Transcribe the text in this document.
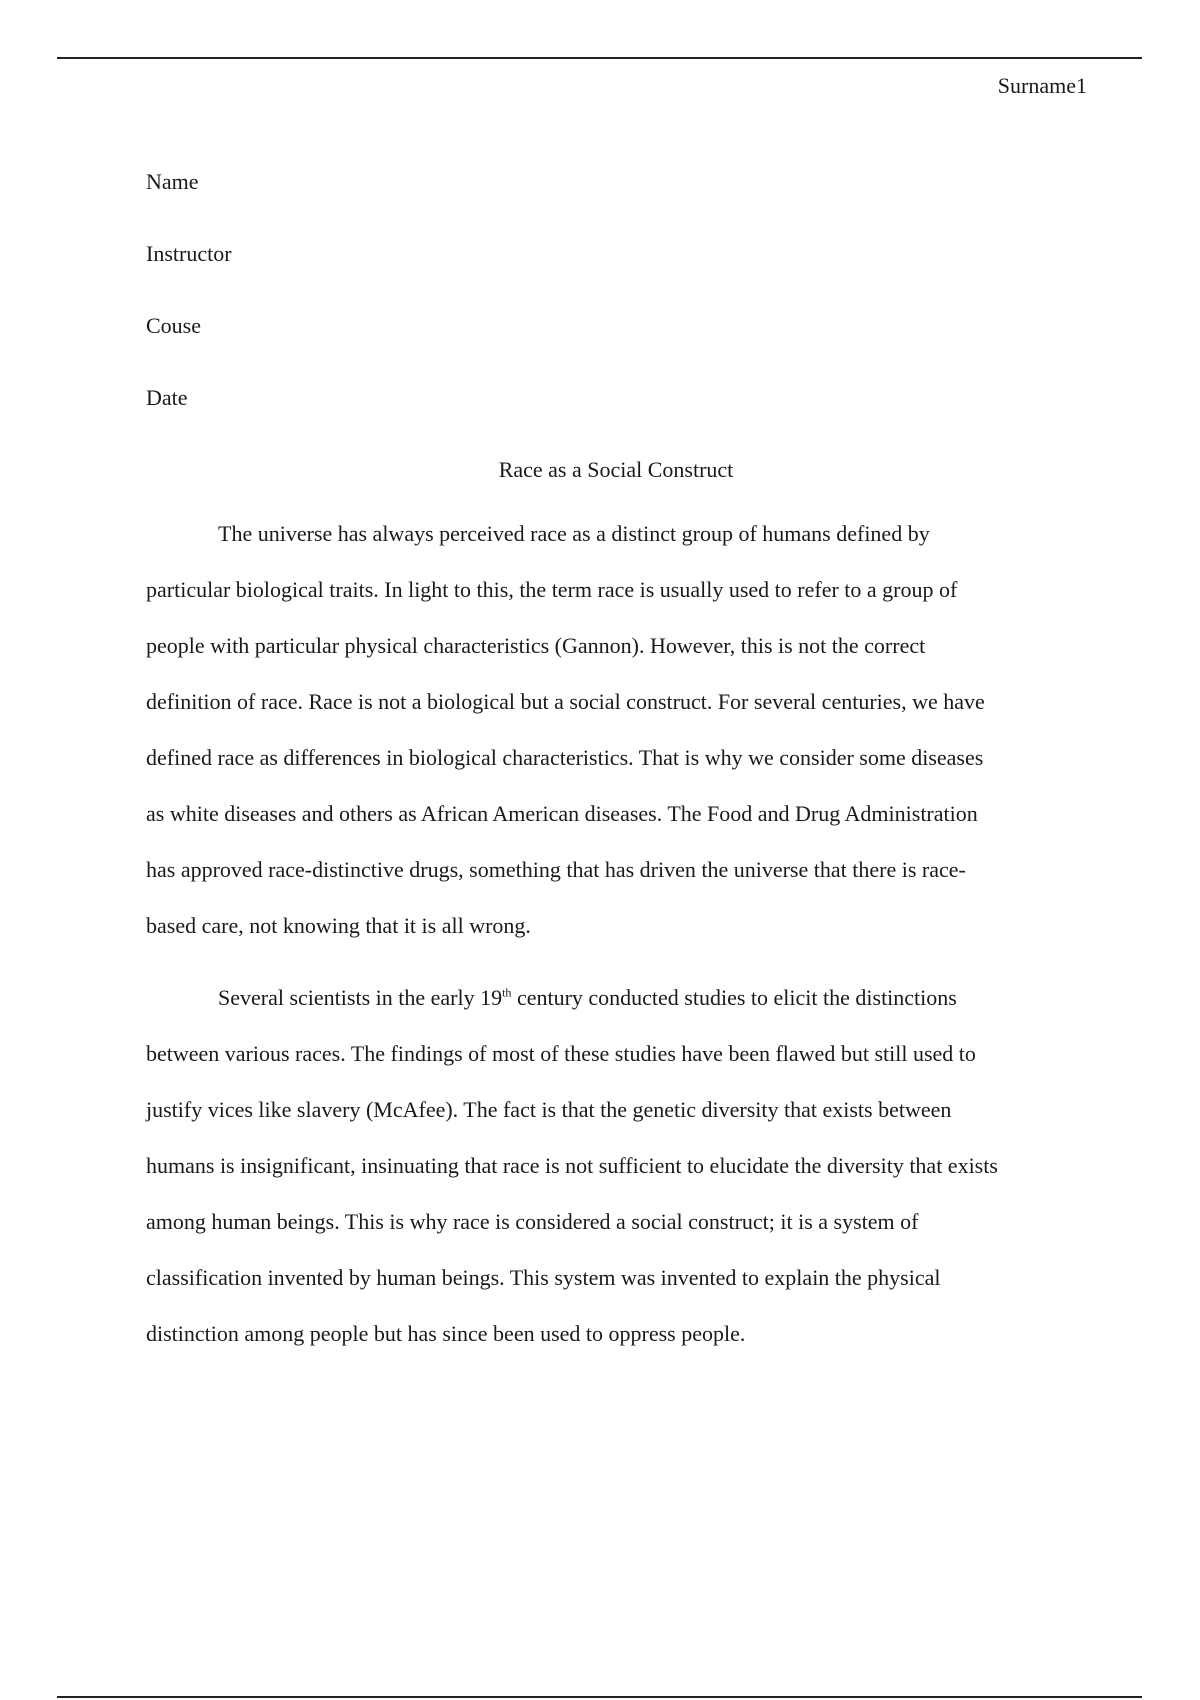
Surname1
Name
Instructor
Couse
Date
Race as a Social Construct

The universe has always perceived race as a distinct group of humans defined by
particular biological traits. In light to this, the term race is usually used to refer to a group of
people with particular physical characteristics (Gannon). However, this is not the correct
definition of race. Race is not a biological but a social construct. For several centuries, we have
defined race as differences in biological characteristics. That is why we consider some diseases
as white diseases and others as African American diseases. The Food and Drug Administration
has approved race-distinctive drugs, something that has driven the universe that there is race-
based care, not knowing that it is all wrong.

Several scientists in the early 19th century conducted studies to elicit the distinctions
between various races. The findings of most of these studies have been flawed but still used to
justify vices like slavery (McAfee). The fact is that the genetic diversity that exists between
humans is insignificant, insinuating that race is not sufficient to elucidate the diversity that exists
among human beings. This is why race is considered a social construct; it is a system of
classification invented by human beings. This system was invented to explain the physical
distinction among people but has since been used to oppress people.
